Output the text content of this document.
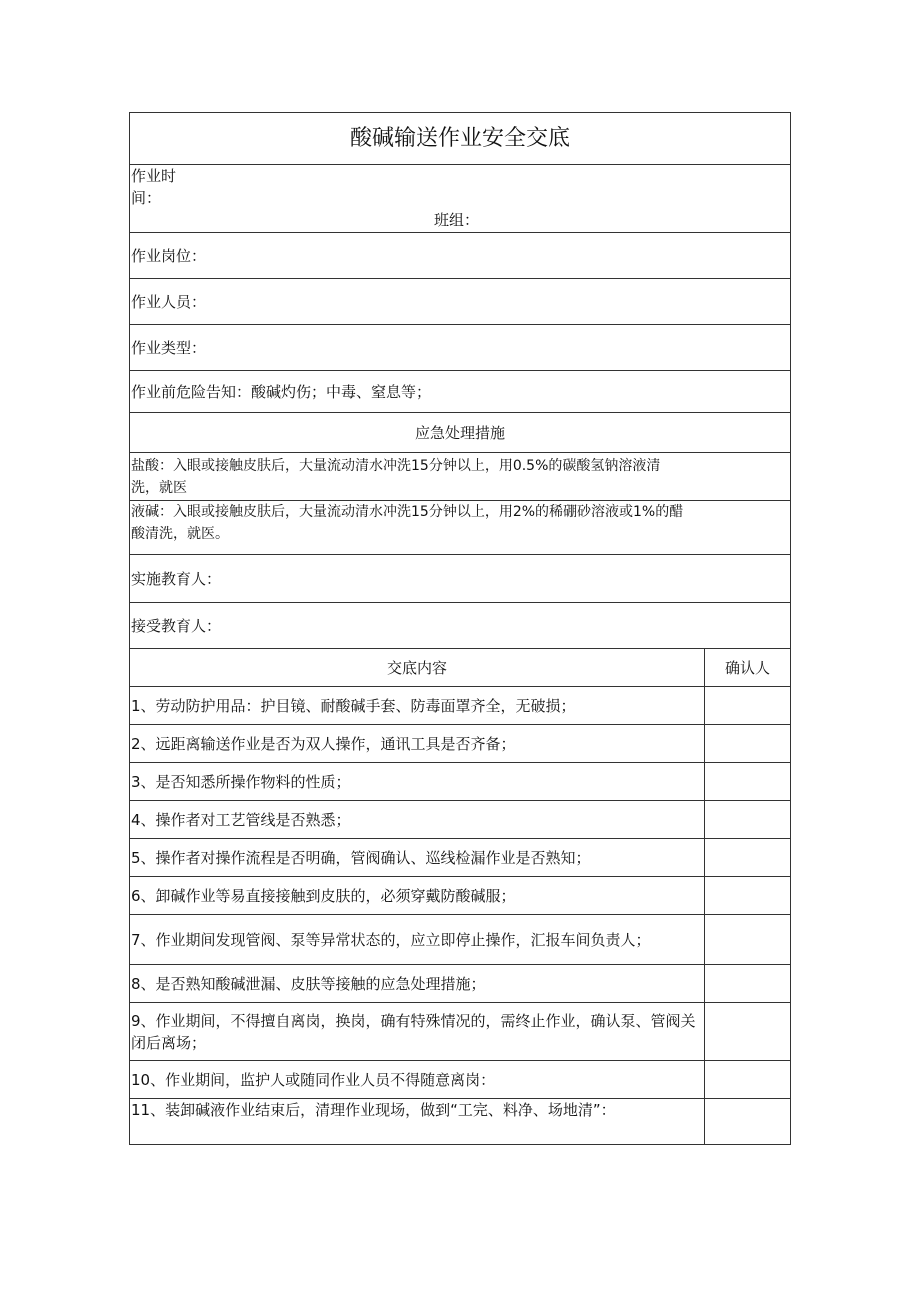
酸碱输送作业安全交底	

作业时
间：
班组：	

作业岗位：	
作业人员：	
作业类型：	
作业前危险告知：酸碱灼伤；中毒、窒息等；	
应急处理措施	

盐酸：入眼或接触皮肤后，大量流动清水冲洗15分钟以上，用0.5%的碳酸氢钠溶液清
洗，就医	

液碱：入眼或接触皮肤后，大量流动清水冲洗15分钟以上，用2%的稀硼砂溶液或1%的醋
酸清洗，就医。	

实施教育人：	
接受教育人：	
交底内容	确认人
1、劳动防护用品：护目镜、耐酸碱手套、防毒面罩齐全，无破损；	
2、远距离输送作业是否为双人操作，通讯工具是否齐备；	
3、是否知悉所操作物料的性质；	
4、操作者对工艺管线是否熟悉；	
5、操作者对操作流程是否明确，管阀确认、巡线检漏作业是否熟知；	
6、卸碱作业等易直接接触到皮肤的，必须穿戴防酸碱服；	
7、作业期间发现管阀、泵等异常状态的，应立即停止操作，汇报车间负责人；	
8、是否熟知酸碱泄漏、皮肤等接触的应急处理措施；	
9、作业期间，不得擅自离岗，换岗，确有特殊情况的，需终止作业，确认泵、管阀关闭后离场；	
10、作业期间，监护人或随同作业人员不得随意离岗：	
11、装卸碱液作业结束后，清理作业现场，做到“工完、料净、场地清”：	
